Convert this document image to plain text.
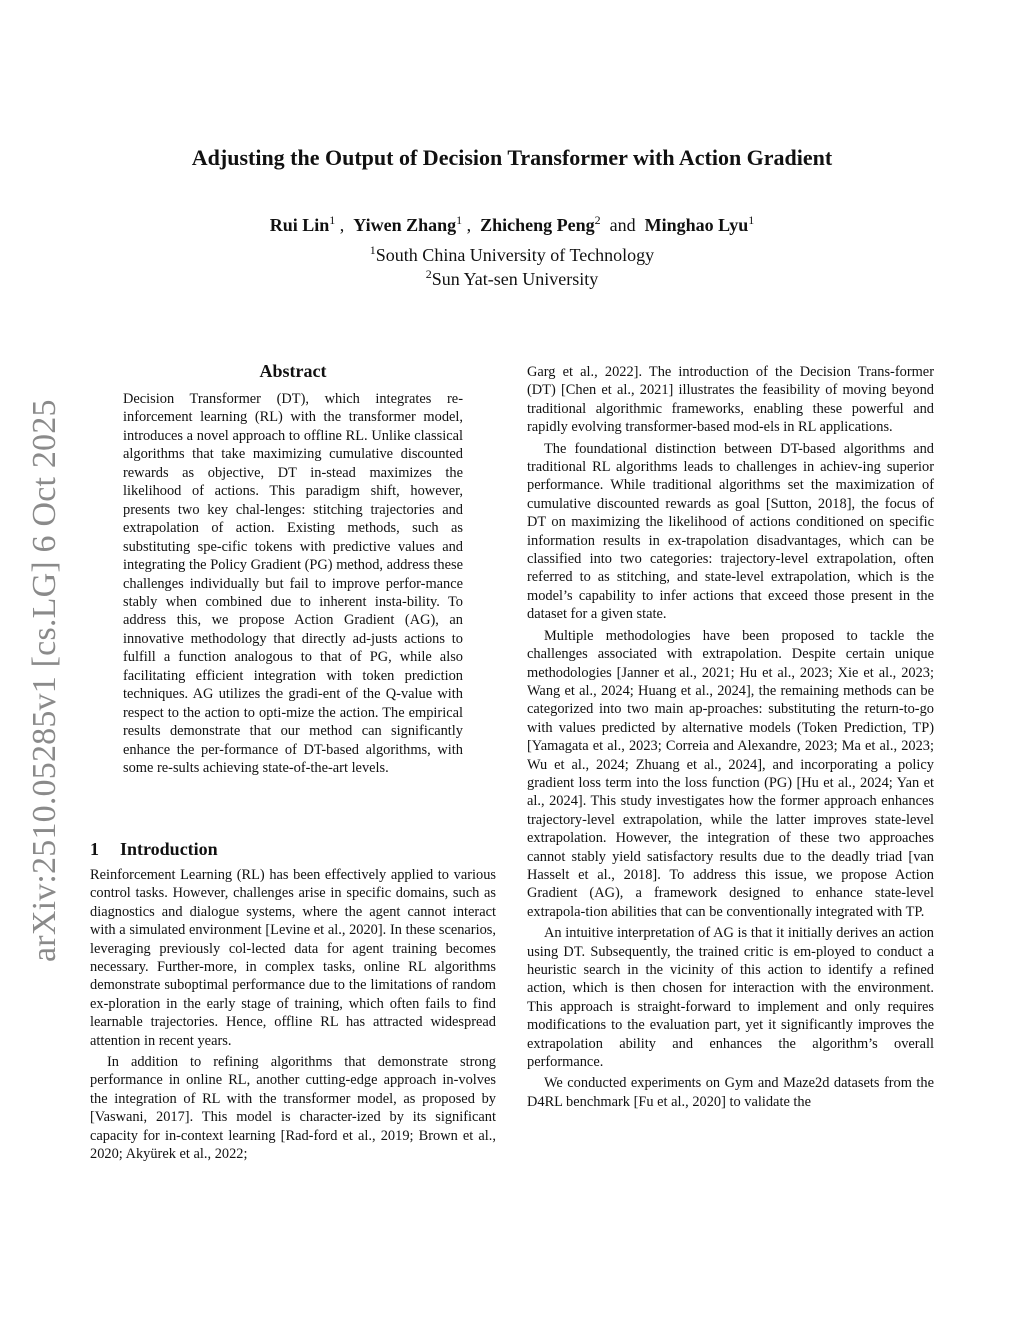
arXiv:2510.05285v1 [cs.LG] 6 Oct 2025
Adjusting the Output of Decision Transformer with Action Gradient
Rui Lin$^1$ ,  Yiwen Zhang$^1$ ,  Zhicheng Peng$^2$ and Minghao Lyu$^1$
$^1$South China University of Technology
$^2$Sun Yat-sen University
Abstract

Decision Transformer (DT), which integrates re-inforcement learning (RL) with the transformer model, introduces a novel approach to offline RL. Unlike classical algorithms that take maximizing cumulative discounted rewards as objective, DT in-stead maximizes the likelihood of actions. This paradigm shift, however, presents two key chal-lenges: stitching trajectories and extrapolation of action. Existing methods, such as substituting spe-cific tokens with predictive values and integrating the Policy Gradient (PG) method, address these challenges individually but fail to improve perfor-mance stably when combined due to inherent insta-bility. To address this, we propose Action Gradient (AG), an innovative methodology that directly ad-justs actions to fulfill a function analogous to that of PG, while also facilitating efficient integration with token prediction techniques. AG utilizes the gradi-ent of the Q-value with respect to the action to opti-mize the action. The empirical results demonstrate that our method can significantly enhance the per-formance of DT-based algorithms, with some re-sults achieving state-of-the-art levels.

1 Introduction

Reinforcement Learning (RL) has been effectively applied to various control tasks. However, challenges arise in specific domains, such as diagnostics and dialogue systems, where the agent cannot interact with a simulated environment [Levine et al., 2020]. In these scenarios, leveraging previously col-lected data for agent training becomes necessary. Further-more, in complex tasks, online RL algorithms demonstrate suboptimal performance due to the limitations of random ex-ploration in the early stage of training, which often fails to find learnable trajectories. Hence, offline RL has attracted widespread attention in recent years.

In addition to refining algorithms that demonstrate strong performance in online RL, another cutting-edge approach in-volves the integration of RL with the transformer model, as proposed by [Vaswani, 2017]. This model is character-ized by its significant capacity for in-context learning [Rad-ford et al., 2019; Brown et al., 2020; Akyürek et al., 2022;

Garg et al., 2022]. The introduction of the Decision Trans-former (DT) [Chen et al., 2021] illustrates the feasibility of moving beyond traditional algorithmic frameworks, enabling these powerful and rapidly evolving transformer-based mod-els in RL applications.

The foundational distinction between DT-based algorithms and traditional RL algorithms leads to challenges in achiev-ing superior performance. While traditional algorithms set the maximization of cumulative discounted rewards as goal [Sutton, 2018], the focus of DT on maximizing the likelihood of actions conditioned on specific information results in ex-trapolation disadvantages, which can be classified into two categories: trajectory-level extrapolation, often referred to as stitching, and state-level extrapolation, which is the model’s capability to infer actions that exceed those present in the dataset for a given state.

Multiple methodologies have been proposed to tackle the challenges associated with extrapolation. Despite certain unique methodologies [Janner et al., 2021; Hu et al., 2023; Xie et al., 2023; Wang et al., 2024; Huang et al., 2024], the remaining methods can be categorized into two main ap-proaches: substituting the return-to-go with values predicted by alternative models (Token Prediction, TP) [Yamagata et al., 2023; Correia and Alexandre, 2023; Ma et al., 2023; Wu et al., 2024; Zhuang et al., 2024], and incorporating a policy gradient loss term into the loss function (PG) [Hu et al., 2024; Yan et al., 2024]. This study investigates how the former approach enhances trajectory-level extrapolation, while the latter improves state-level extrapolation. However, the integration of these two approaches cannot stably yield satisfactory results due to the deadly triad [van Hasselt et al., 2018]. To address this issue, we propose Action Gradient (AG), a framework designed to enhance state-level extrapola-tion abilities that can be conventionally integrated with TP.

An intuitive interpretation of AG is that it initially derives an action using DT. Subsequently, the trained critic is em-ployed to conduct a heuristic search in the vicinity of this action to identify a refined action, which is then chosen for interaction with the environment. This approach is straight-forward to implement and only requires modifications to the evaluation part, yet it significantly improves the extrapolation ability and enhances the algorithm’s overall performance.

We conducted experiments on Gym and Maze2d datasets from the D4RL benchmark [Fu et al., 2020] to validate the
